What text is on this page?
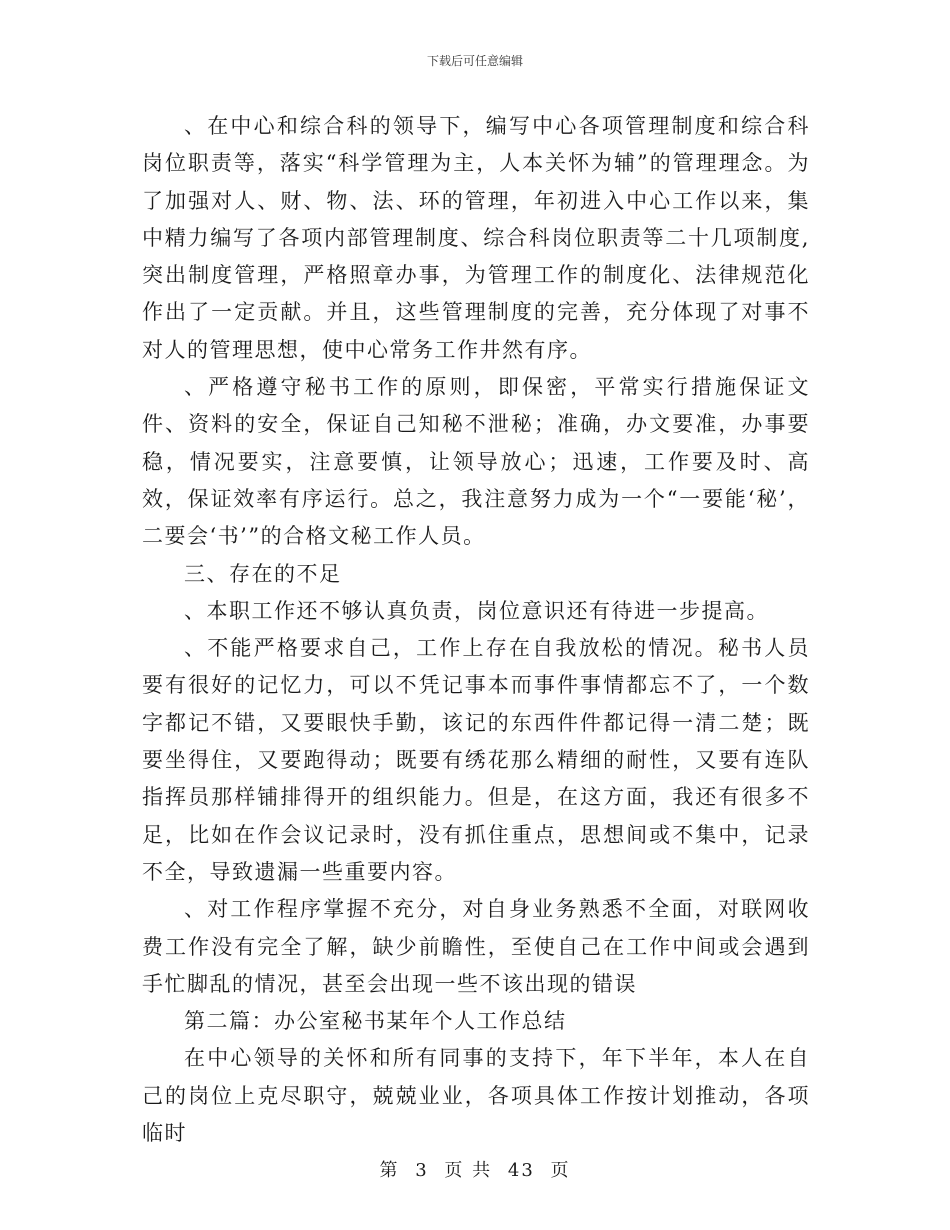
下载后可任意编辑

、在中心和综合科的领导下，编写中心各项管理制度和综合科岗位职责等，落实“科学管理为主，人本关怀为辅”的管理理念。为了加强对人、财、物、法、环的管理，年初进入中心工作以来，集中精力编写了各项内部管理制度、综合科岗位职责等二十几项制度,突出制度管理，严格照章办事，为管理工作的制度化、法律规范化作出了一定贡献。并且，这些管理制度的完善，充分体现了对事不对人的管理思想，使中心常务工作井然有序。

、严格遵守秘书工作的原则，即保密，平常实行措施保证文件、资料的安全，保证自己知秘不泄秘；准确，办文要准，办事要稳，情况要实，注意要慎，让领导放心；迅速，工作要及时、高效，保证效率有序运行。总之，我注意努力成为一个“一要能‘秘’，二要会‘书’”的合格文秘工作人员。

三、存在的不足

、本职工作还不够认真负责，岗位意识还有待进一步提高。

、不能严格要求自己，工作上存在自我放松的情况。秘书人员要有很好的记忆力，可以不凭记事本而事件事情都忘不了，一个数字都记不错，又要眼快手勤，该记的东西件件都记得一清二楚；既要坐得住，又要跑得动；既要有绣花那么精细的耐性，又要有连队指挥员那样铺排得开的组织能力。但是，在这方面，我还有很多不足，比如在作会议记录时，没有抓住重点，思想间或不集中，记录不全，导致遗漏一些重要内容。

、对工作程序掌握不充分，对自身业务熟悉不全面，对联网收费工作没有完全了解，缺少前瞻性，至使自己在工作中间或会遇到手忙脚乱的情况，甚至会出现一些不该出现的错误

第二篇：办公室秘书某年个人工作总结

在中心领导的关怀和所有同事的支持下，年下半年，本人在自己的岗位上克尽职守，兢兢业业，各项具体工作按计划推动，各项临时

第 3 页 共 43 页
